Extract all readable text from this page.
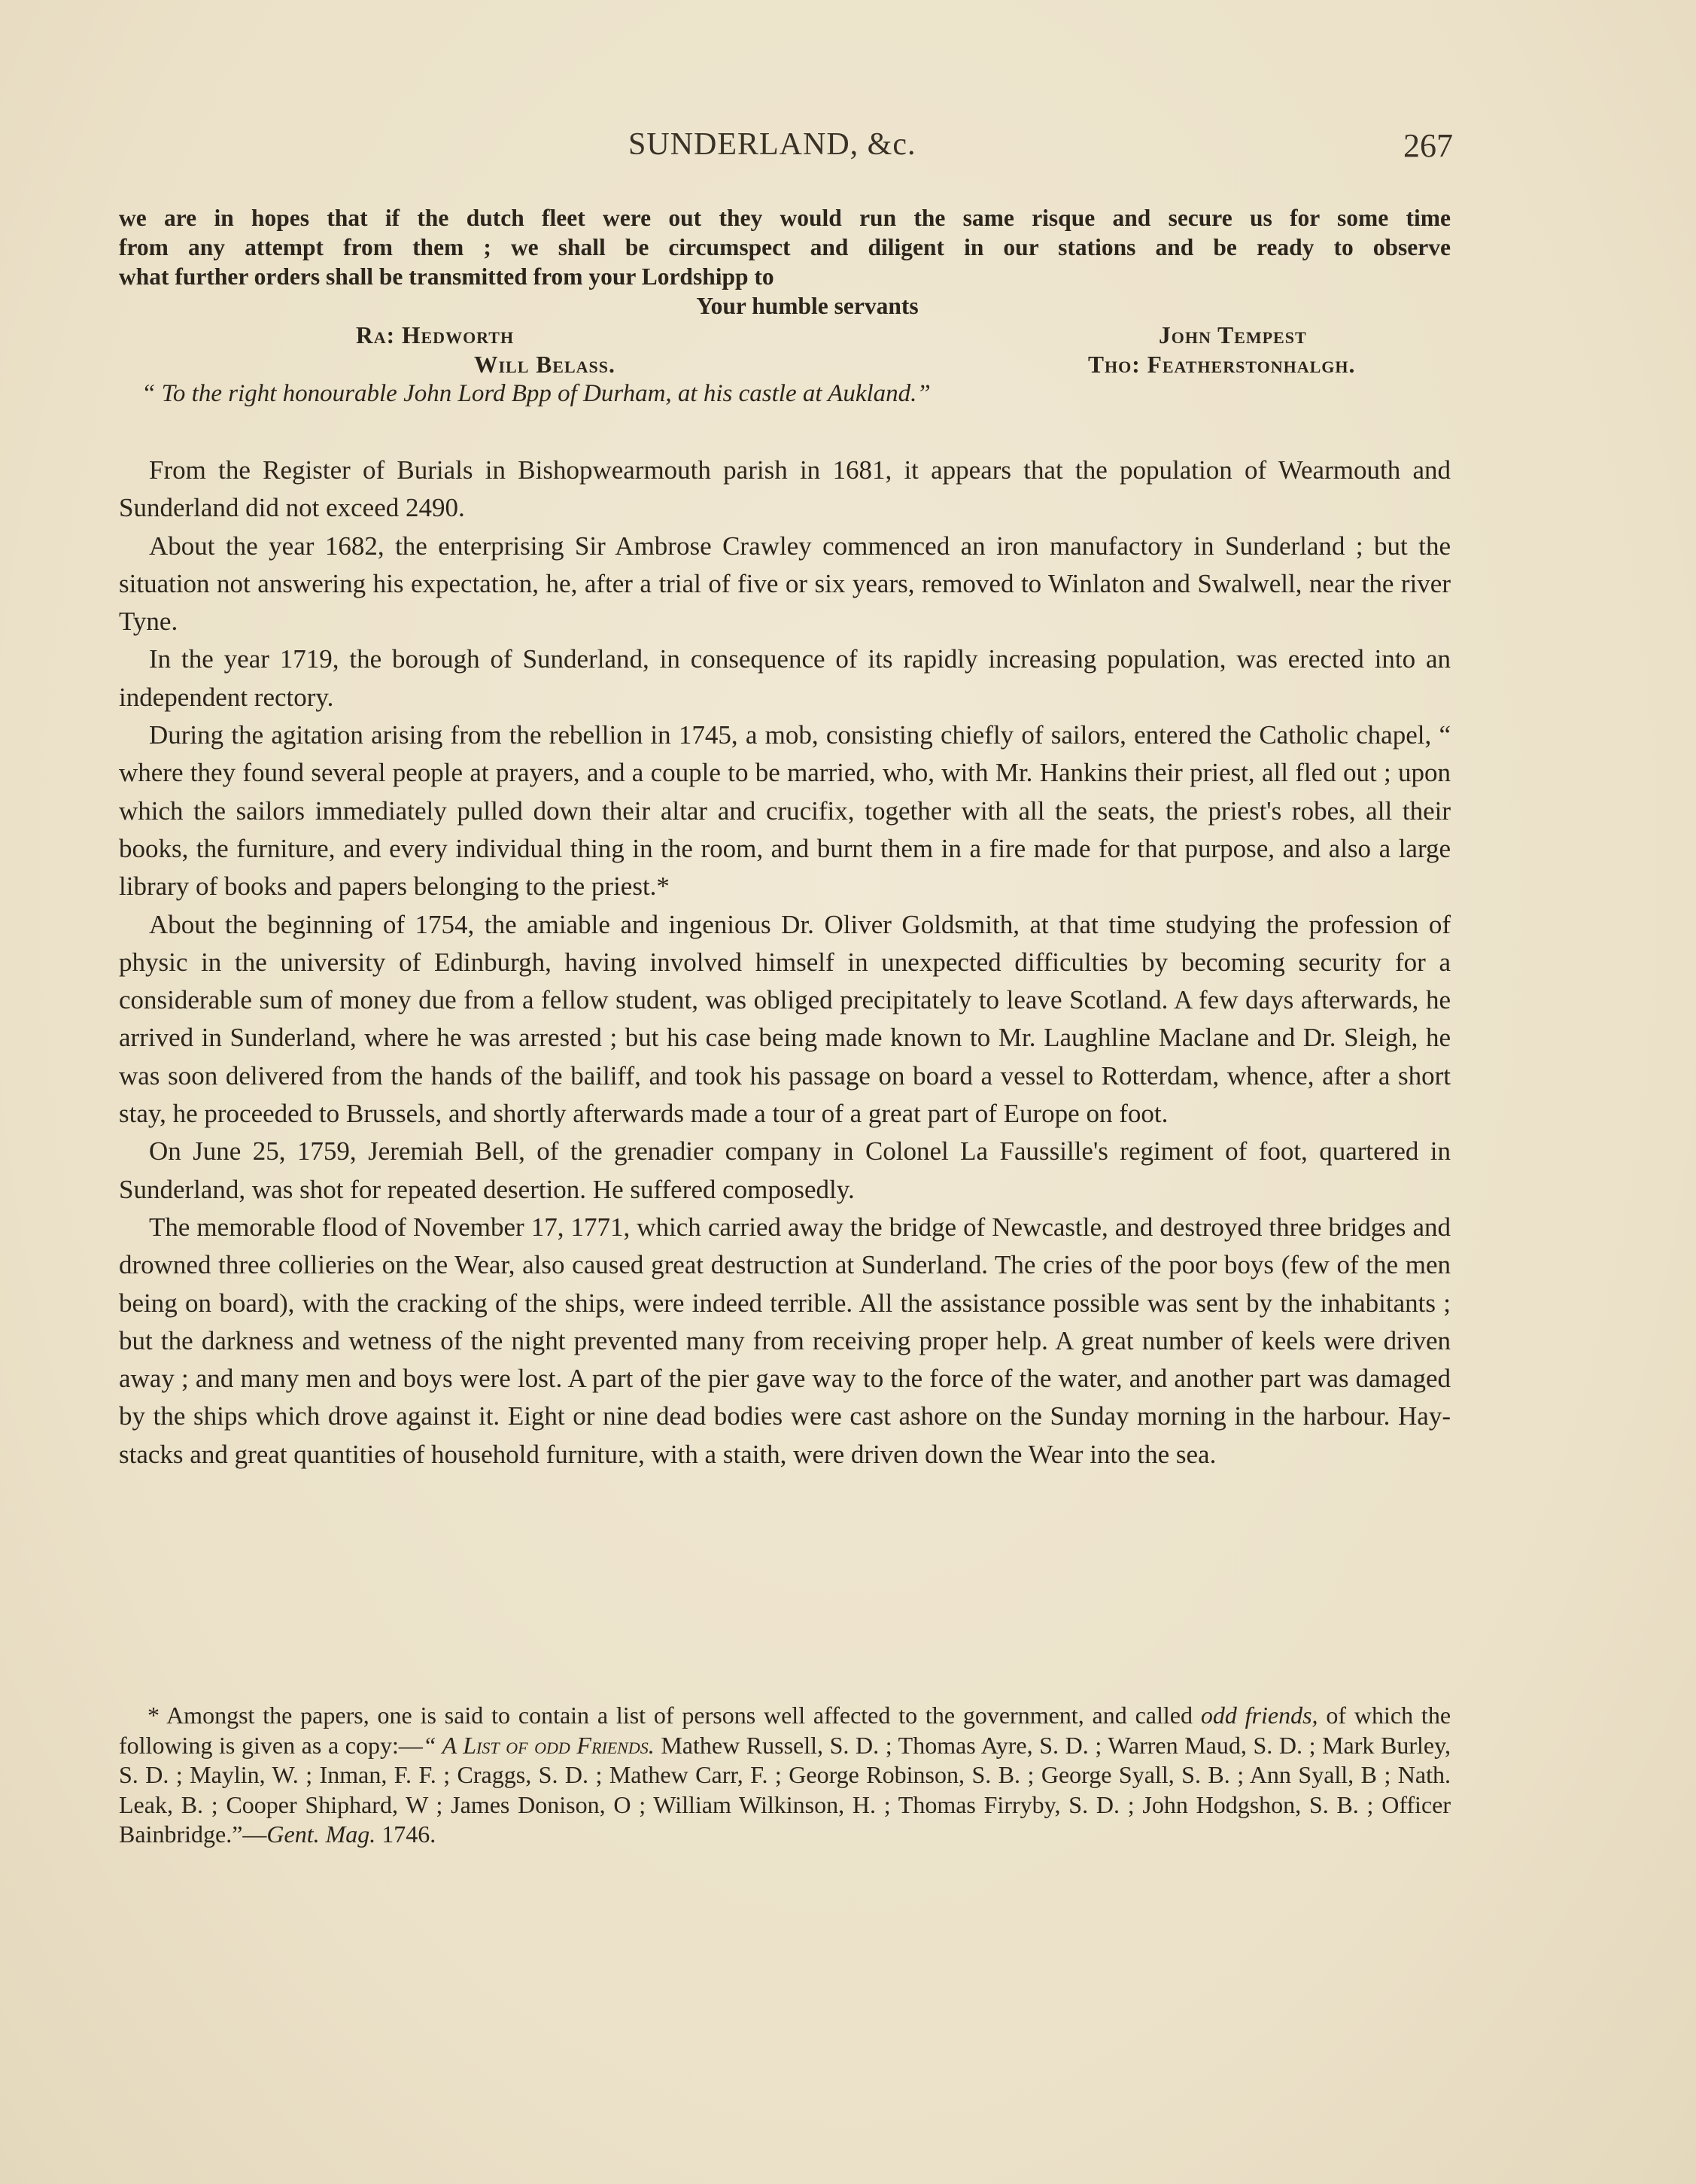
SUNDERLAND, &c.	267
we are in hopes that if the dutch fleet were out they would run the same risque and secure us for some time
from any attempt from them ; we shall be circumspect and diligent in our stations and be ready to observe
what further orders shall be transmitted from your Lordshipp to
Your humble servants
Ra: Hedworth	John Tempest
Will Belass.	Tho: Featherstonhalgh.
“ To the right honourable John Lord Bpp of Durham, at his castle at Aukland.”

From the Register of Burials in Bishopwearmouth parish in 1681, it appears that the population of Wearmouth and Sunderland did not exceed 2490.

About the year 1682, the enterprising Sir Ambrose Crawley commenced an iron manufactory in Sunderland ; but the situation not answering his expectation, he, after a trial of five or six years, removed to Winlaton and Swalwell, near the river Tyne.

In the year 1719, the borough of Sunderland, in consequence of its rapidly increasing population, was erected into an independent rectory.

During the agitation arising from the rebellion in 1745, a mob, consisting chiefly of sailors, entered the Catholic chapel, “ where they found several people at prayers, and a couple to be married, who, with Mr. Hankins their priest, all fled out ; upon which the sailors immediately pulled down their altar and crucifix, together with all the seats, the priest's robes, all their books, the furniture, and every individual thing in the room, and burnt them in a fire made for that purpose, and also a large library of books and papers belonging to the priest.*

About the beginning of 1754, the amiable and ingenious Dr. Oliver Goldsmith, at that time studying the profession of physic in the university of Edinburgh, having involved himself in unexpected difficulties by becoming security for a considerable sum of money due from a fellow student, was obliged precipitately to leave Scotland. A few days afterwards, he arrived in Sunderland, where he was arrested ; but his case being made known to Mr. Laughline Maclane and Dr. Sleigh, he was soon delivered from the hands of the bailiff, and took his passage on board a vessel to Rotterdam, whence, after a short stay, he proceeded to Brussels, and shortly afterwards made a tour of a great part of Europe on foot.

On June 25, 1759, Jeremiah Bell, of the grenadier company in Colonel La Faussille's regiment of foot, quartered in Sunderland, was shot for repeated desertion. He suffered composedly.

The memorable flood of November 17, 1771, which carried away the bridge of Newcastle, and destroyed three bridges and drowned three collieries on the Wear, also caused great destruction at Sunderland. The cries of the poor boys (few of the men being on board), with the cracking of the ships, were indeed terrible. All the assistance possible was sent by the inhabitants ; but the darkness and wetness of the night prevented many from receiving proper help. A great number of keels were driven away ; and many men and boys were lost. A part of the pier gave way to the force of the water, and another part was damaged by the ships which drove against it. Eight or nine dead bodies were cast ashore on the Sunday morning in the harbour. Hay-stacks and great quantities of household furniture, with a staith, were driven down the Wear into the sea.

* Amongst the papers, one is said to contain a list of persons well affected to the government, and called odd friends, of which the following is given as a copy:—“ A List of odd Friends. Mathew Russell, S. D. ; Thomas Ayre, S. D. ; Warren Maud, S. D. ; Mark Burley, S. D. ; Maylin, W. ; Inman, F. F. ; Craggs, S. D. ; Mathew Carr, F. ; George Robinson, S. B. ; George Syall, S. B. ; Ann Syall, B ; Nath. Leak, B. ; Cooper Shiphard, W ; James Donison, O ; William Wilkinson, H. ; Thomas Firryby, S. D. ; John Hodgshon, S. B. ; Officer Bainbridge.”—Gent. Mag. 1746.
